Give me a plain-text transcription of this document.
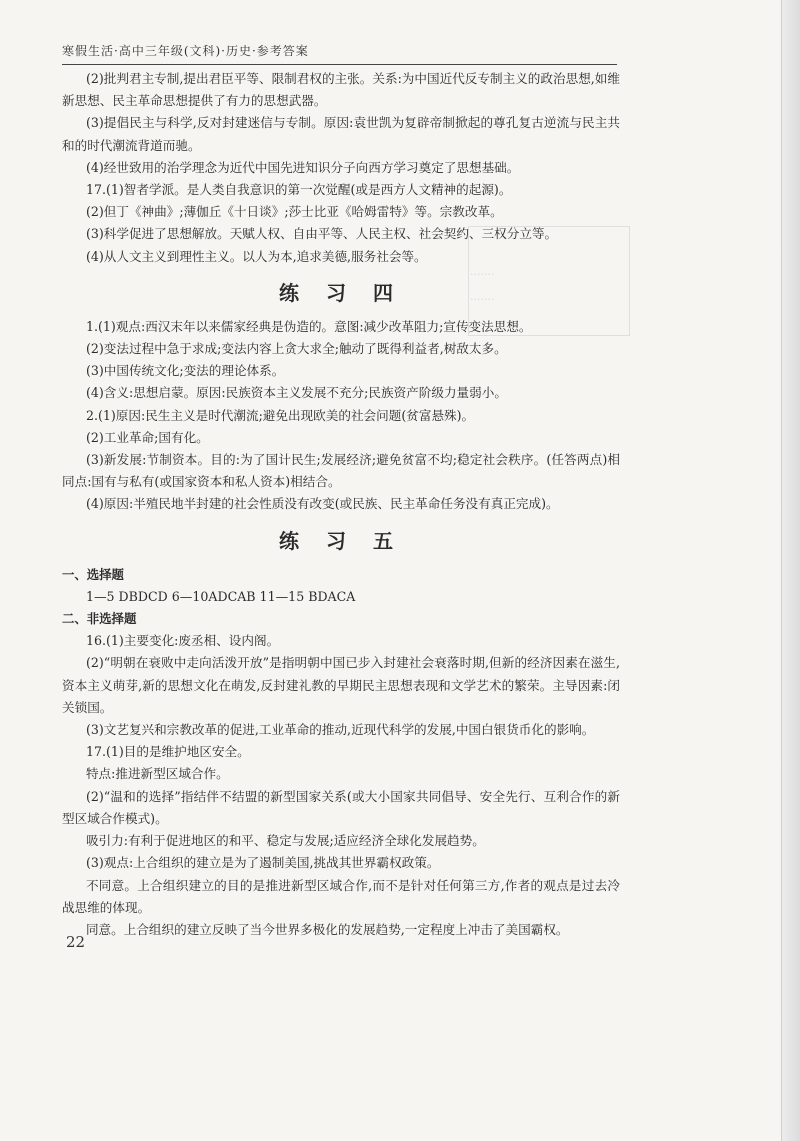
·······
·······
寒假生活·高中三年级(文科)·历史·参考答案

(2)批判君主专制,提出君臣平等、限制君权的主张。关系:为中国近代反专制主义的政治思想,如维新思想、民主革命思想提供了有力的思想武器。

(3)提倡民主与科学,反对封建迷信与专制。原因:袁世凯为复辟帝制掀起的尊孔复古逆流与民主共和的时代潮流背道而驰。

(4)经世致用的治学理念为近代中国先进知识分子向西方学习奠定了思想基础。

17.(1)智者学派。是人类自我意识的第一次觉醒(或是西方人文精神的起源)。

(2)但丁《神曲》;薄伽丘《十日谈》;莎士比亚《哈姆雷特》等。宗教改革。

(3)科学促进了思想解放。天赋人权、自由平等、人民主权、社会契约、三权分立等。

(4)从人文主义到理性主义。以人为本,追求美德,服务社会等。

练 习 四

1.(1)观点:西汉末年以来儒家经典是伪造的。意图:减少改革阻力;宣传变法思想。

(2)变法过程中急于求成;变法内容上贪大求全;触动了既得利益者,树敌太多。

(3)中国传统文化;变法的理论体系。

(4)含义:思想启蒙。原因:民族资本主义发展不充分;民族资产阶级力量弱小。

2.(1)原因:民生主义是时代潮流;避免出现欧美的社会问题(贫富悬殊)。

(2)工业革命;国有化。

(3)新发展:节制资本。目的:为了国计民生;发展经济;避免贫富不均;稳定社会秩序。(任答两点)相同点:国有与私有(或国家资本和私人资本)相结合。

(4)原因:半殖民地半封建的社会性质没有改变(或民族、民主革命任务没有真正完成)。

练 习 五

一、选择题

1—5 DBDCD 6—10ADCAB 11—15 BDACA

二、非选择题

16.(1)主要变化:废丞相、设内阁。

(2)“明朝在衰败中走向活泼开放”是指明朝中国已步入封建社会衰落时期,但新的经济因素在滋生,资本主义萌芽,新的思想文化在萌发,反封建礼教的早期民主思想表现和文学艺术的繁荣。主导因素:闭关锁国。

(3)文艺复兴和宗教改革的促进,工业革命的推动,近现代科学的发展,中国白银货币化的影响。

17.(1)目的是维护地区安全。

特点:推进新型区域合作。

(2)“温和的选择”指结伴不结盟的新型国家关系(或大小国家共同倡导、安全先行、互利合作的新型区域合作模式)。

吸引力:有利于促进地区的和平、稳定与发展;适应经济全球化发展趋势。

(3)观点:上合组织的建立是为了遏制美国,挑战其世界霸权政策。

不同意。上合组织建立的目的是推进新型区域合作,而不是针对任何第三方,作者的观点是过去冷战思维的体现。

同意。上合组织的建立反映了当今世界多极化的发展趋势,一定程度上冲击了美国霸权。

22
